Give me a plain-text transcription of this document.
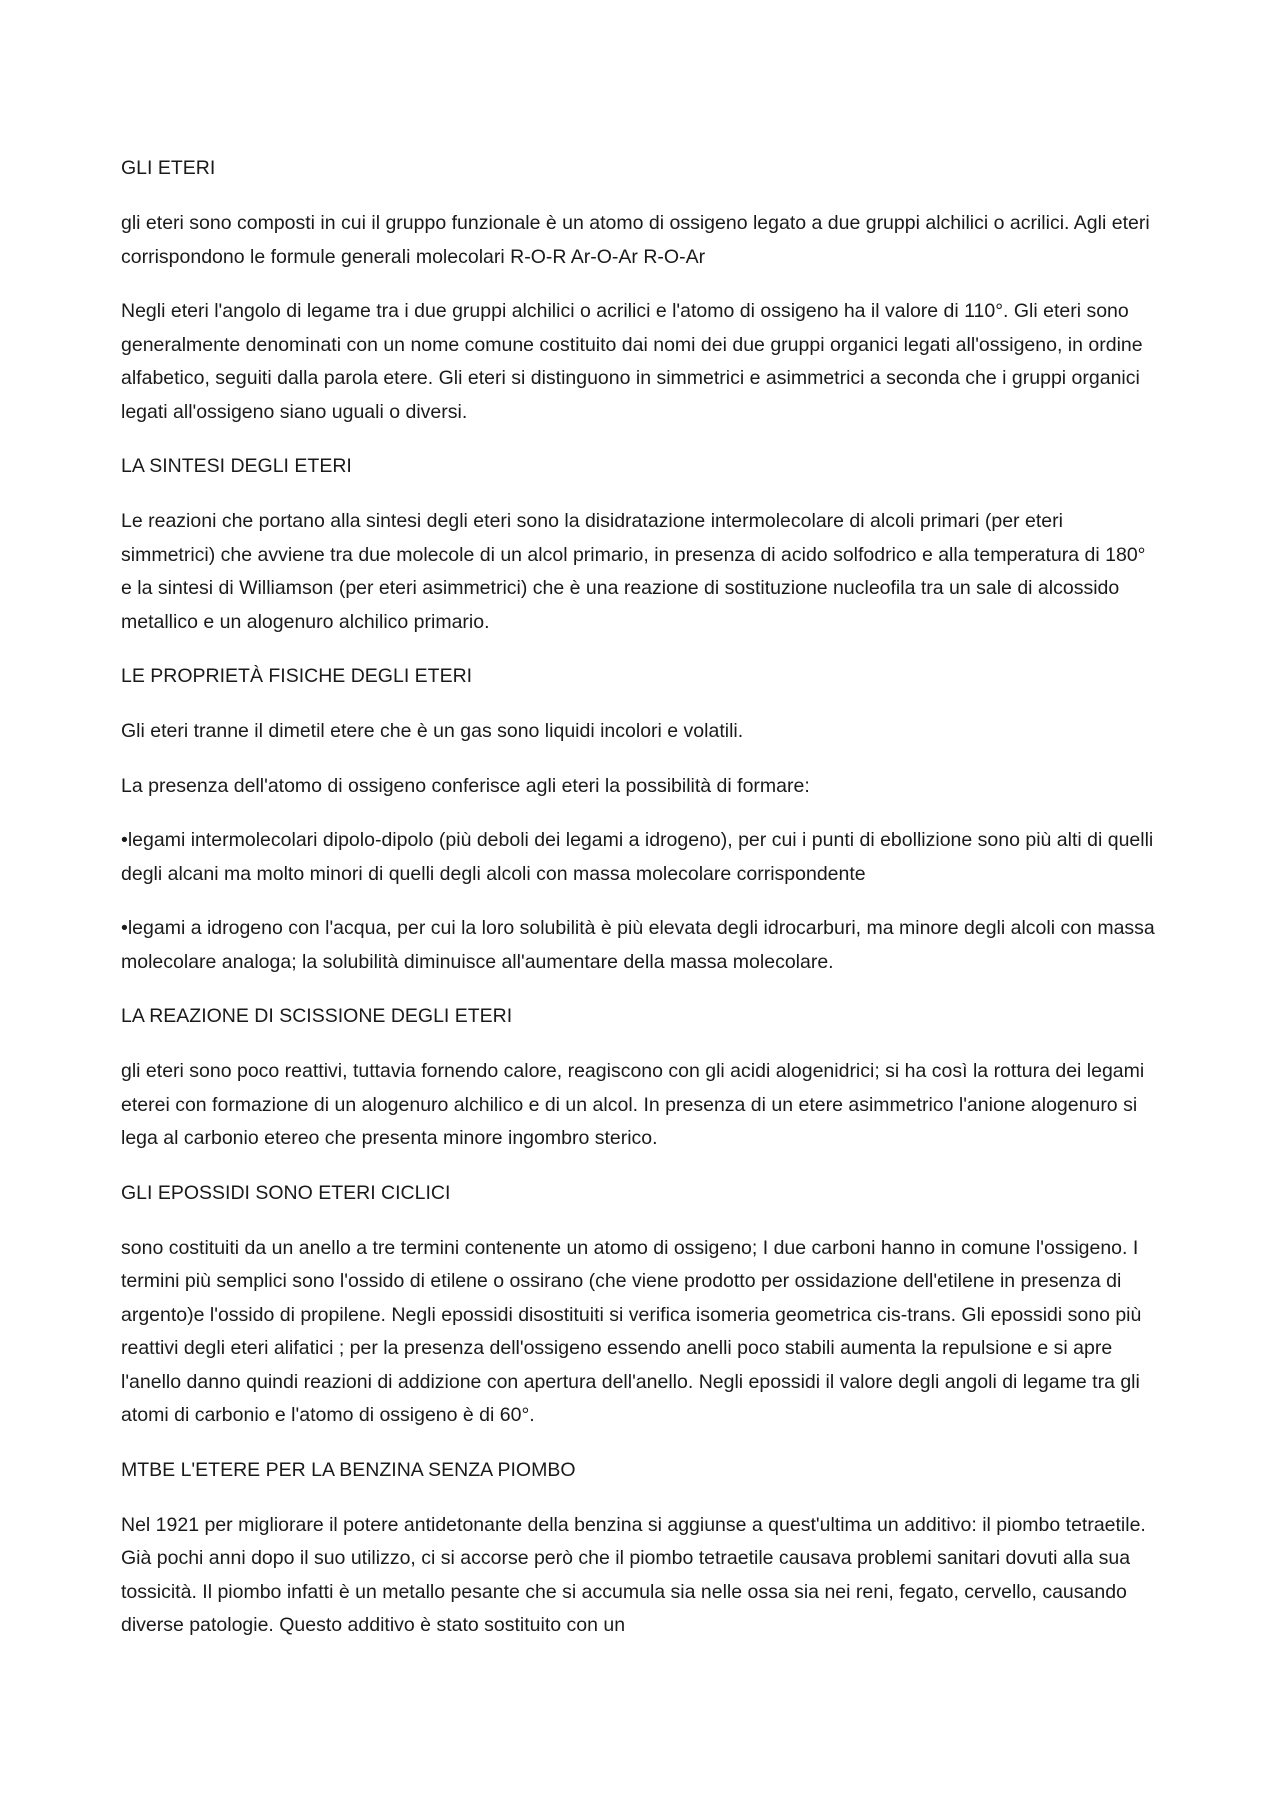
GLI ETERI

gli eteri sono composti in cui il gruppo funzionale è un atomo di ossigeno legato a due gruppi alchilici o acrilici. Agli eteri corrispondono le formule generali molecolari R-O-R Ar-O-Ar R-O-Ar

Negli eteri l'angolo di legame tra i due gruppi alchilici o acrilici e l'atomo di ossigeno ha il valore di 110°. Gli eteri sono generalmente denominati con un nome comune costituito dai nomi dei due gruppi organici legati all'ossigeno, in ordine alfabetico, seguiti dalla parola etere. Gli eteri si distinguono in simmetrici e asimmetrici a seconda che i gruppi organici legati all'ossigeno siano uguali o diversi.

LA SINTESI DEGLI ETERI

Le reazioni che portano alla sintesi degli eteri sono la disidratazione intermolecolare di alcoli primari (per eteri simmetrici) che avviene tra due molecole di un alcol primario, in presenza di acido solfodrico e alla temperatura di 180° e la sintesi di Williamson (per eteri asimmetrici) che è una reazione di sostituzione nucleofila tra un sale di alcossido metallico e un alogenuro alchilico primario.

LE PROPRIETÀ FISICHE DEGLI ETERI

Gli eteri tranne il dimetil etere che è un gas sono liquidi incolori e volatili.

La presenza dell'atomo di ossigeno conferisce agli eteri la possibilità di formare:

•legami intermolecolari dipolo-dipolo (più deboli dei legami a idrogeno), per cui i punti di ebollizione sono più alti di quelli degli alcani ma molto minori di quelli degli alcoli con massa molecolare corrispondente

•legami a idrogeno con l'acqua, per cui la loro solubilità è più elevata degli idrocarburi, ma minore degli alcoli con massa molecolare analoga; la solubilità diminuisce all'aumentare della massa molecolare.

LA REAZIONE DI SCISSIONE DEGLI ETERI

gli eteri sono poco reattivi, tuttavia fornendo calore, reagiscono con gli acidi alogenidrici; si ha così la rottura dei legami eterei con formazione di un alogenuro alchilico e di un alcol. In presenza di un etere asimmetrico l'anione alogenuro si lega al carbonio etereo che presenta minore ingombro sterico.

GLI EPOSSIDI SONO ETERI CICLICI

sono costituiti da un anello a tre termini contenente un atomo di ossigeno; I due carboni hanno in comune l'ossigeno. I termini più semplici sono l'ossido di etilene o ossirano (che viene prodotto per ossidazione dell'etilene in presenza di argento)e l'ossido di propilene. Negli epossidi disostituiti si verifica isomeria geometrica cis-trans. Gli epossidi sono più reattivi degli eteri alifatici ; per la presenza dell'ossigeno essendo anelli poco stabili aumenta la repulsione e si apre l'anello danno quindi reazioni di addizione con apertura dell'anello. Negli epossidi il valore degli angoli di legame tra gli atomi di carbonio e l'atomo di ossigeno è di 60°.

MTBE L'ETERE PER LA BENZINA SENZA PIOMBO

Nel 1921 per migliorare il potere antidetonante della benzina si aggiunse a quest'ultima un additivo: il piombo tetraetile. Già pochi anni dopo il suo utilizzo, ci si accorse però che il piombo tetraetile causava problemi sanitari dovuti alla sua tossicità. Il piombo infatti è un metallo pesante che si accumula sia nelle ossa sia nei reni, fegato, cervello, causando diverse patologie. Questo additivo è stato sostituito con un
